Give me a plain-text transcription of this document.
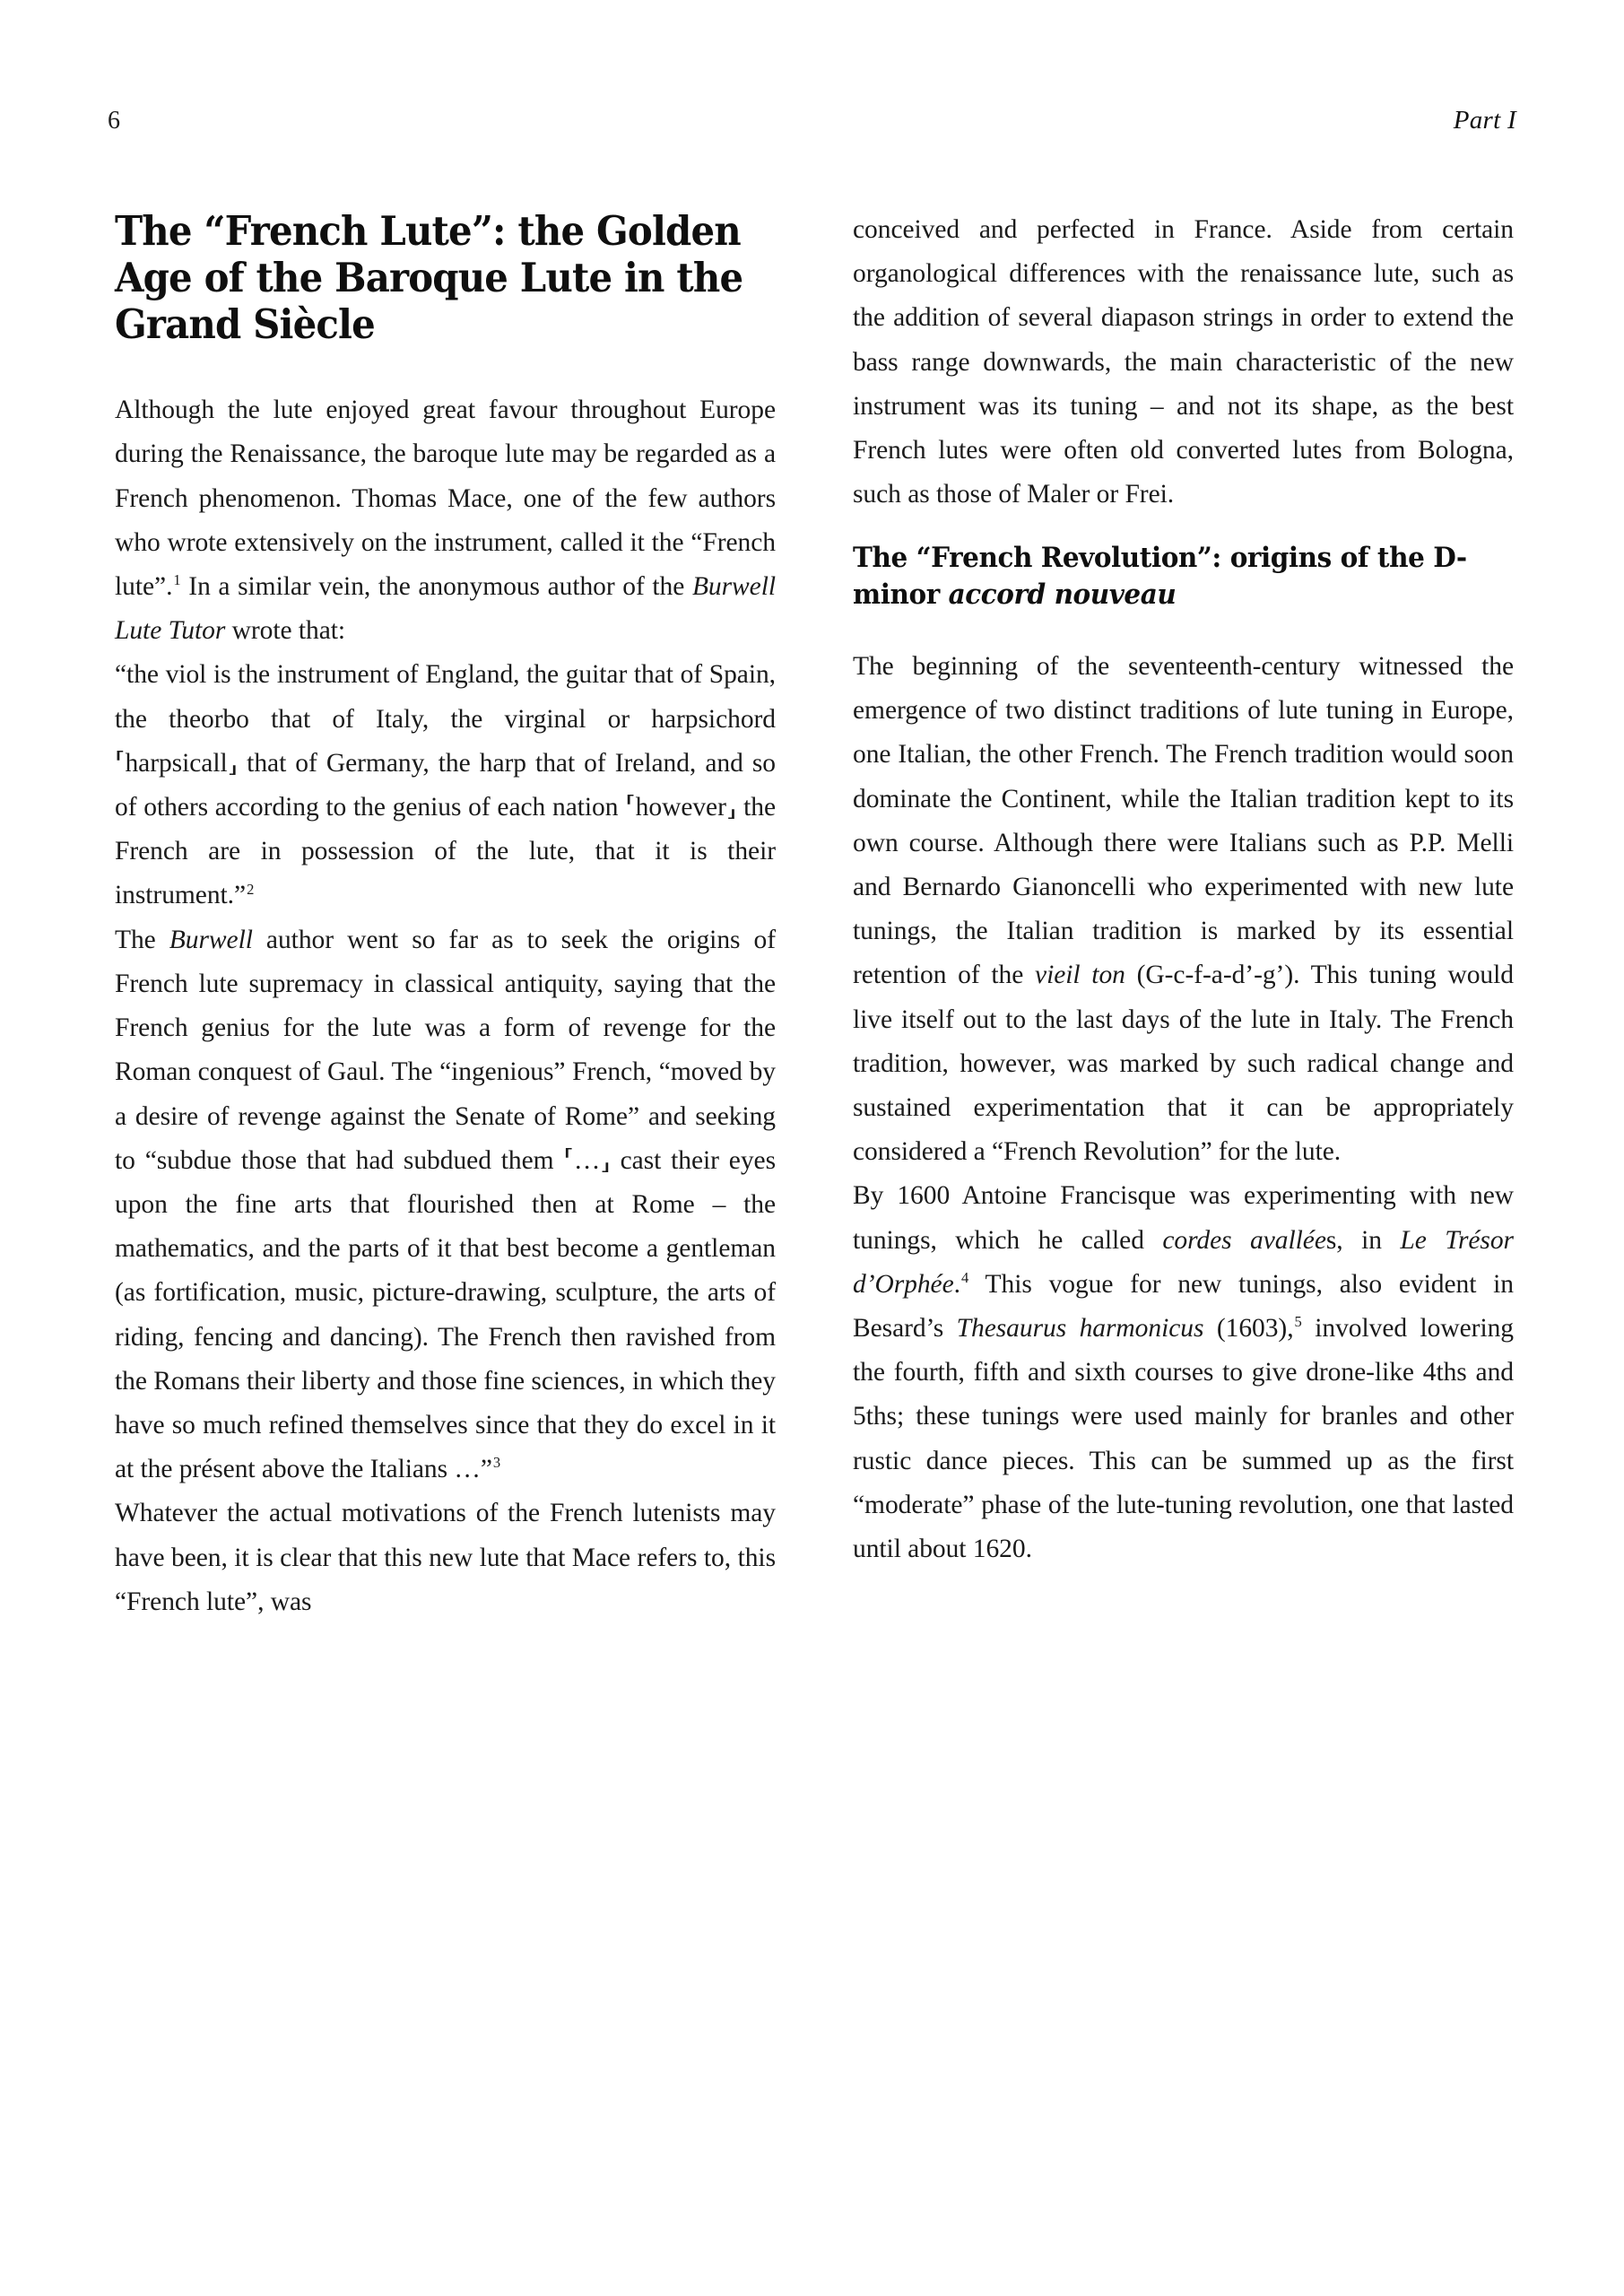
6	Part I
The “French Lute”: the Golden Age of the Baroque Lute in the Grand Siècle

Although the lute enjoyed great favour throughout Europe during the Renaissance, the baroque lute may be regarded as a French phenomenon. Thomas Mace, one of the few authors who wrote extensively on the instrument, called it the “French lute”.$^1$ In a similar vein, the anonymous author of the Burwell Lute Tutor wrote that:

“the viol is the instrument of England, the guitar that of Spain, the theorbo that of Italy, the virginal or harpsichord ⸢harpsicall⸥ that of Germany, the harp that of Ireland, and so of others according to the genius of each nation ⸢however⸥ the French are in possession of the lute, that it is their instrument.”$^2$

The Burwell author went so far as to seek the origins of French lute supremacy in classical antiquity, saying that the French genius for the lute was a form of revenge for the Roman conquest of Gaul. The “ingenious” French, “moved by a desire of revenge against the Senate of Rome” and seeking to “subdue those that had subdued them ⸢…⸥ cast their eyes upon the fine arts that flourished then at Rome – the mathematics, and the parts of it that best become a gentleman (as fortification, music, picture-drawing, sculpture, the arts of riding, fencing and dancing). The French then ravished from the Romans their liberty and those fine sciences, in which they have so much refined themselves since that they do excel in it at the présent above the Italians …”$^3$

Whatever the actual motivations of the French lutenists may have been, it is clear that this new lute that Mace refers to, this “French lute”, was

conceived and perfected in France. Aside from certain organological differences with the renaissance lute, such as the addition of several diapason strings in order to extend the bass range downwards, the main characteristic of the new instrument was its tuning – and not its shape, as the best French lutes were often old converted lutes from Bologna, such as those of Maler or Frei.

The “French Revolution”: origins of the D-minor accord nouveau

The beginning of the seventeenth-century witnessed the emergence of two distinct traditions of lute tuning in Europe, one Italian, the other French. The French tradition would soon dominate the Continent, while the Italian tradition kept to its own course. Although there were Italians such as P.P. Melli and Bernardo Gianoncelli who experimented with new lute tunings, the Italian tradition is marked by its essential retention of the vieil ton (G-c-f-a-d’-g’). This tuning would live itself out to the last days of the lute in Italy. The French tradition, however, was marked by such radical change and sustained experimentation that it can be appropriately considered a “French Revolution” for the lute.

By 1600 Antoine Francisque was experimenting with new tunings, which he called cordes avallées, in Le Trésor d’Orphée.$^4$ This vogue for new tunings, also evident in Besard’s Thesaurus harmonicus (1603),$^5$ involved lowering the fourth, fifth and sixth courses to give drone-like 4ths and 5ths; these tunings were used mainly for branles and other rustic dance pieces. This can be summed up as the first “moderate” phase of the lute-tuning revolution, one that lasted until about 1620.
